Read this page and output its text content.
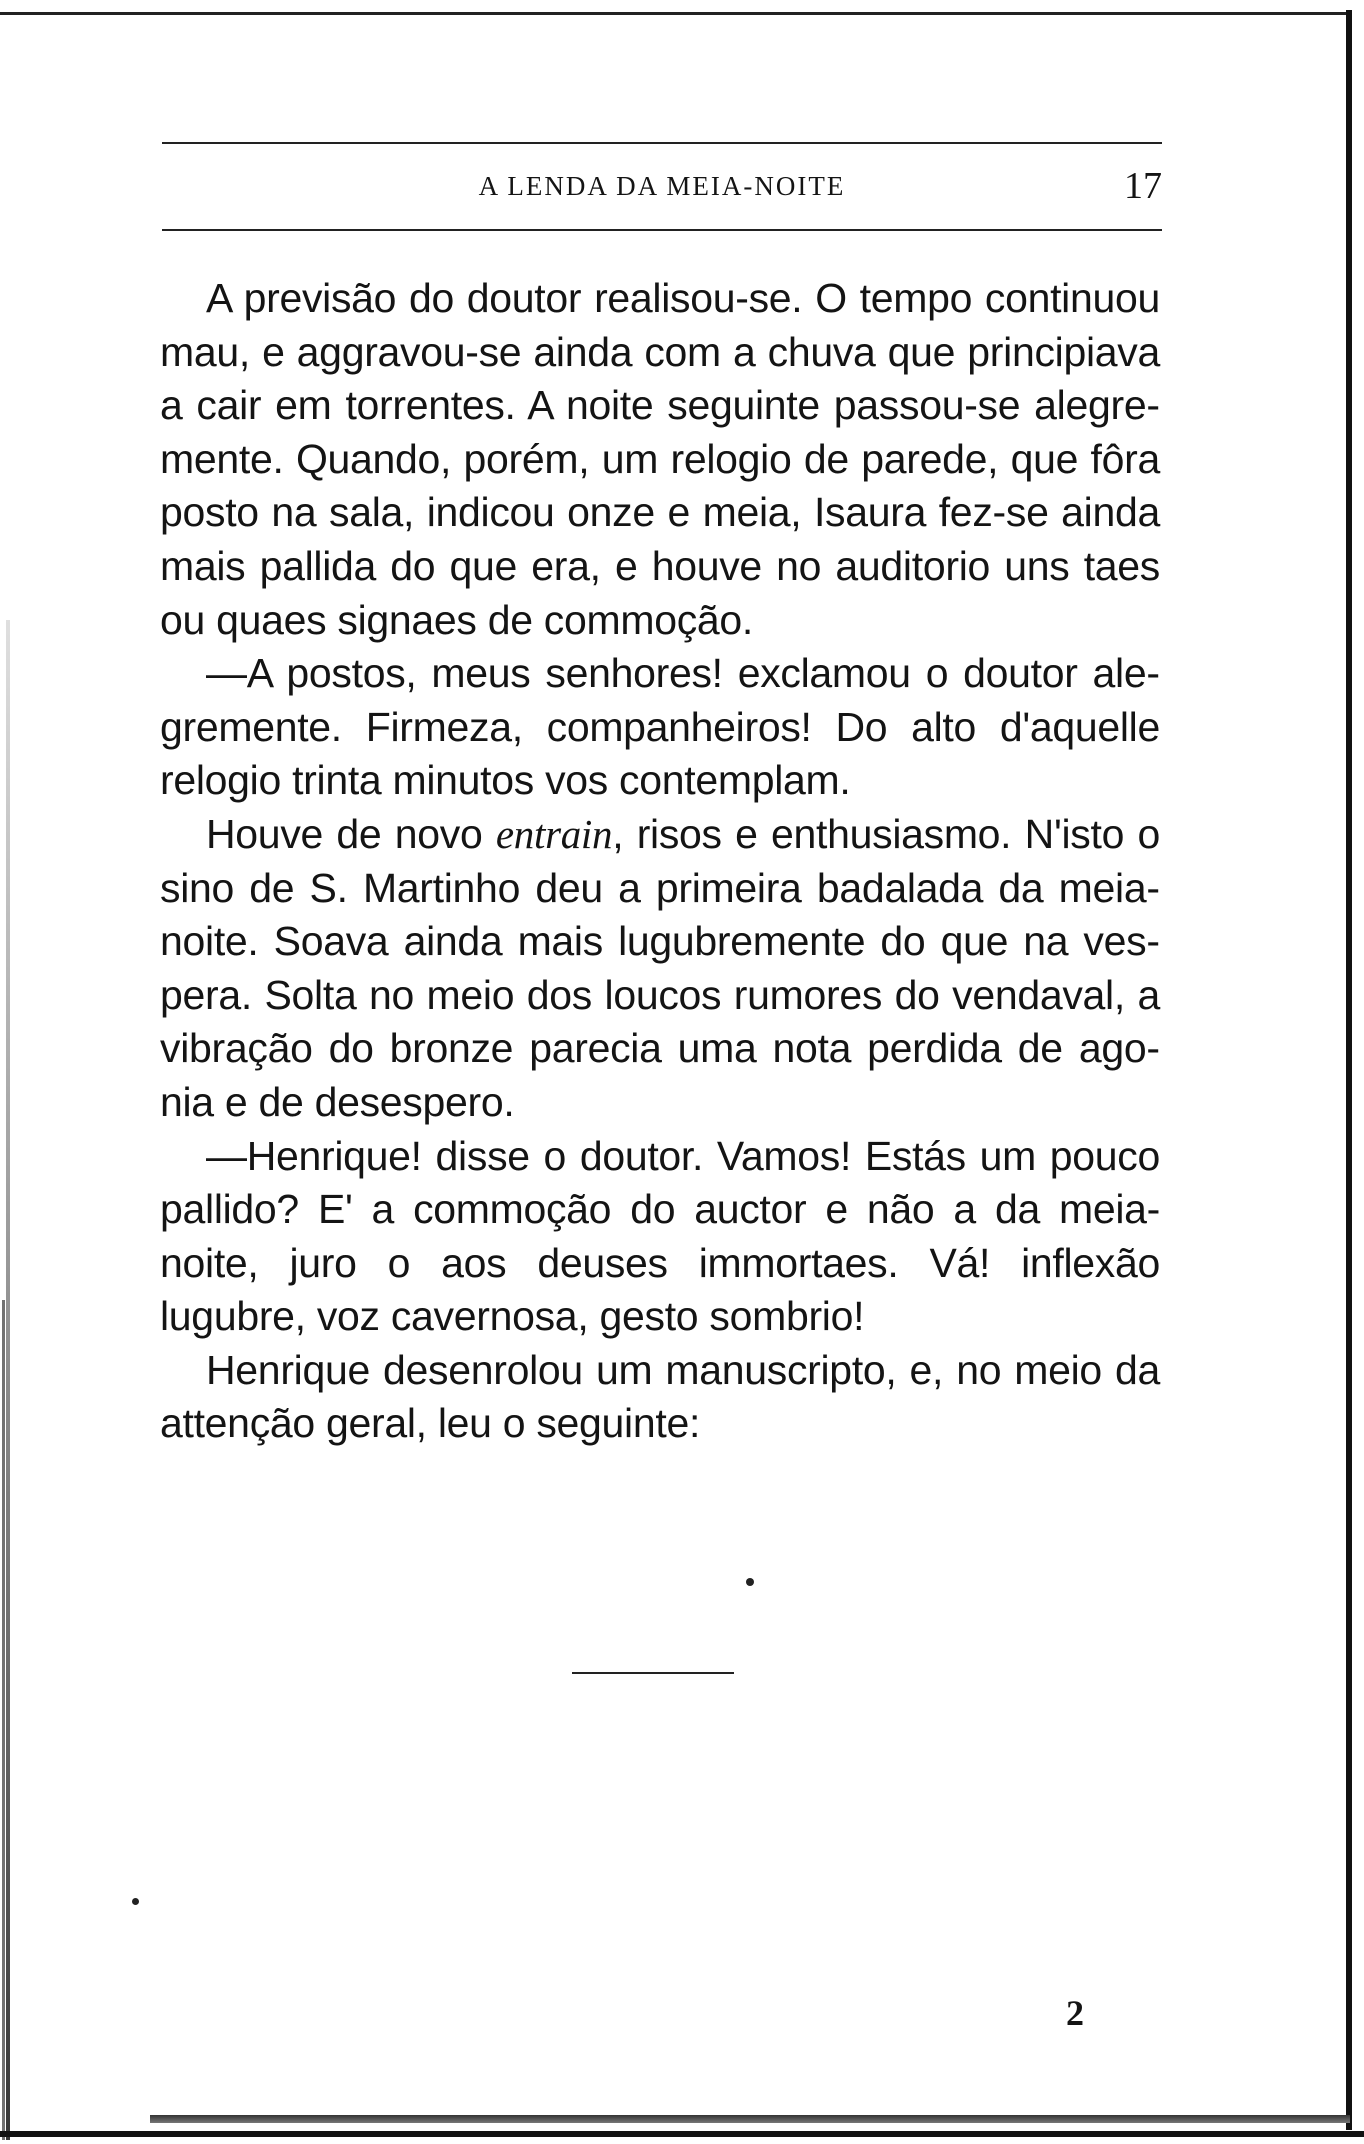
A LENDA DA MEIA-NOITE	17

A previsão do doutor realisou-se. O tempo continuou mau, e aggravou-se ainda com a chuva que principiava a cair em torrentes. A noite seguinte passou-se alegremente. Quando, porém, um relogio de parede, que fôra posto na sala, indicou onze e meia, Isaura fez-se ainda mais pallida do que era, e houve no auditorio uns taes ou quaes signaes de commoção.

—A postos, meus senhores! exclamou o doutor alegremente. Firmeza, companheiros! Do alto d'aquelle relogio trinta minutos vos contemplam.

Houve de novo entrain, risos e enthusiasmo. N'isto o sino de S. Martinho deu a primeira badalada da meianoite. Soava ainda mais lugubremente do que na vespera. Solta no meio dos loucos rumores do vendaval, a vibração do bronze parecia uma nota perdida de agonia e de desespero.

—Henrique! disse o doutor. Vamos! Estás um pouco pallido? E' a commoção do auctor e não a da meia-noite, juro o aos deuses immortaes. Vá! inflexão lugubre, voz cavernosa, gesto sombrio!

Henrique desenrolou um manuscripto, e, no meio da attenção geral, leu o seguinte:

2
